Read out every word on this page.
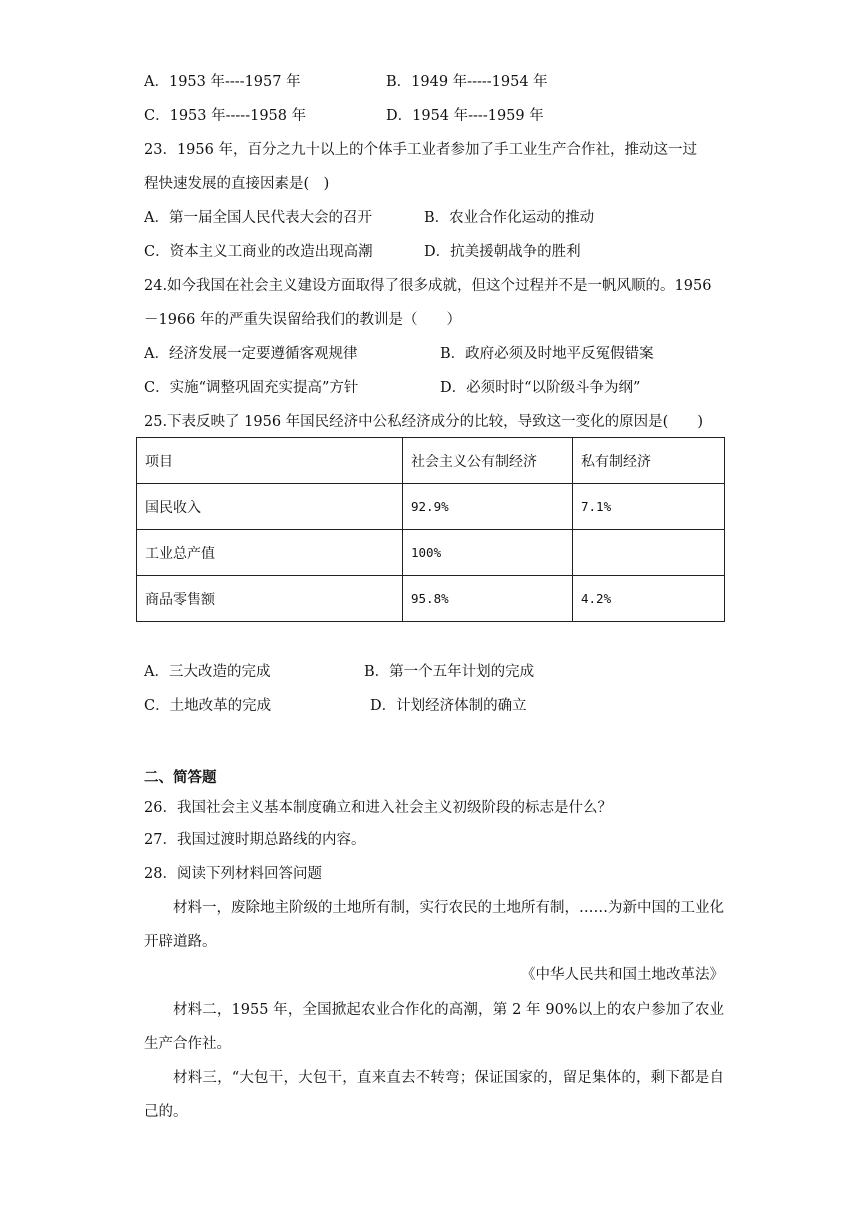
A．1953 年----1957 年	B．1949 年-----1954 年
C．1953 年-----1958 年	D．1954 年----1959 年
23．1956 年，百分之九十以上的个体手工业者参加了手工业生产合作社，推动这一过
程快速发展的直接因素是(　)
A．第一届全国人民代表大会的召开	B．农业合作化运动的推动
C．资本主义工商业的改造出现高潮	D．抗美援朝战争的胜利
24.如今我国在社会主义建设方面取得了很多成就，但这个过程并不是一帆风顺的。1956
－1966 年的严重失误留给我们的教训是（　　）
A．经济发展一定要遵循客观规律	B．政府必须及时地平反冤假错案
C．实施“调整巩固充实提高”方针	D．必须时时“以阶级斗争为纲”
25.下表反映了 1956 年国民经济中公私经济成分的比较，导致这一变化的原因是(　　)
项目	社会主义公有制经济	私有制经济
国民收入	92.9%	7.1%
工业总产值	100%	
商品零售额	95.8%	4.2%
A．三大改造的完成	B．第一个五年计划的完成
C．土地改革的完成	D．计划经济体制的确立
二、简答题
26．我国社会主义基本制度确立和进入社会主义初级阶段的标志是什么？
27．我国过渡时期总路线的内容。
28．阅读下列材料回答问题
材料一，废除地主阶级的土地所有制，实行农民的土地所有制，……为新中国的工业化开辟道路。
《中华人民共和国土地改革法》
材料二，1955 年，全国掀起农业合作化的高潮，第 2 年 90%以上的农户参加了农业生产合作社。
材料三，“大包干，大包干，直来直去不转弯；保证国家的，留足集体的，剩下都是自己的。
